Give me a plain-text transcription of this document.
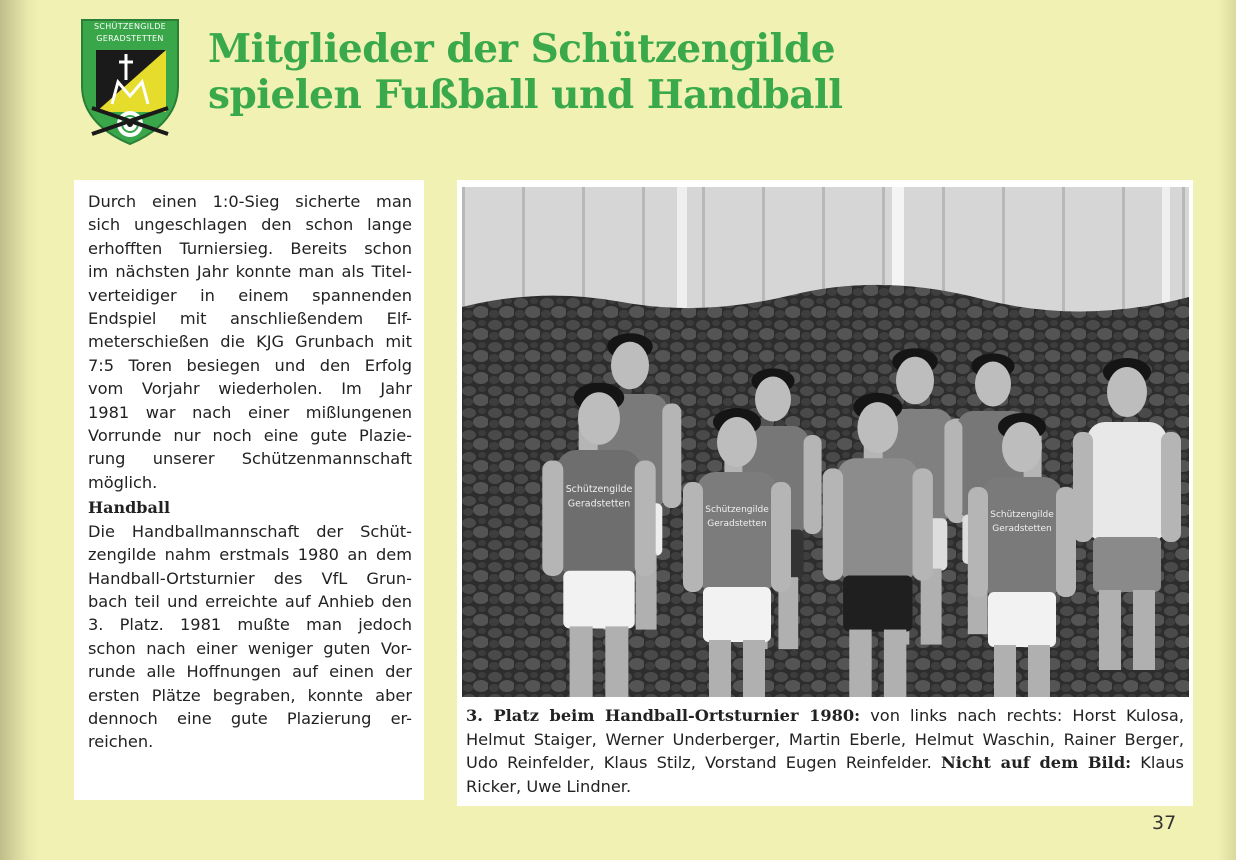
SCHÜTZENGILDE
GERADSTETTEN	Mitglieder der Schützengilde
spielen Fußball und Handball

Durch einen 1:0-Sieg sicherte man

sich ungeschlagen den schon lange

erhofften Turniersieg. Bereits schon

im nächsten Jahr konnte man als Titel-

verteidiger in einem spannenden

Endspiel mit anschließendem Elf-

meterschießen die KJG Grunbach mit

7:5 Toren besiegen und den Erfolg

vom Vorjahr wiederholen. Im Jahr

1981 war nach einer mißlungenen

Vorrunde nur noch eine gute Plazie-

rung unserer Schützenmannschaft

möglich.

Handball

Die Handballmannschaft der Schüt-

zengilde nahm erstmals 1980 an dem

Handball-Ortsturnier des VfL Grun-

bach teil und erreichte auf Anhieb den

3. Platz. 1981 mußte man jedoch

schon nach einer weniger guten Vor-

runde alle Hoffnungen auf einen der

ersten Plätze begraben, konnte aber

dennoch eine gute Plazierung er-

reichen.

Schützengilde
Geradstetten
Schützengilde
Geradstetten
Schützengilde
Geradstetten
3. Platz beim Handball-Ortsturnier 1980: von links nach rechts: Horst Kulosa, Helmut Staiger, Werner Underberger, Martin Eberle, Helmut Waschin, Rainer Berger, Udo Reinfelder, Klaus Stilz, Vorstand Eugen Reinfelder. Nicht auf dem Bild: Klaus Ricker, Uwe Lindner.
37
